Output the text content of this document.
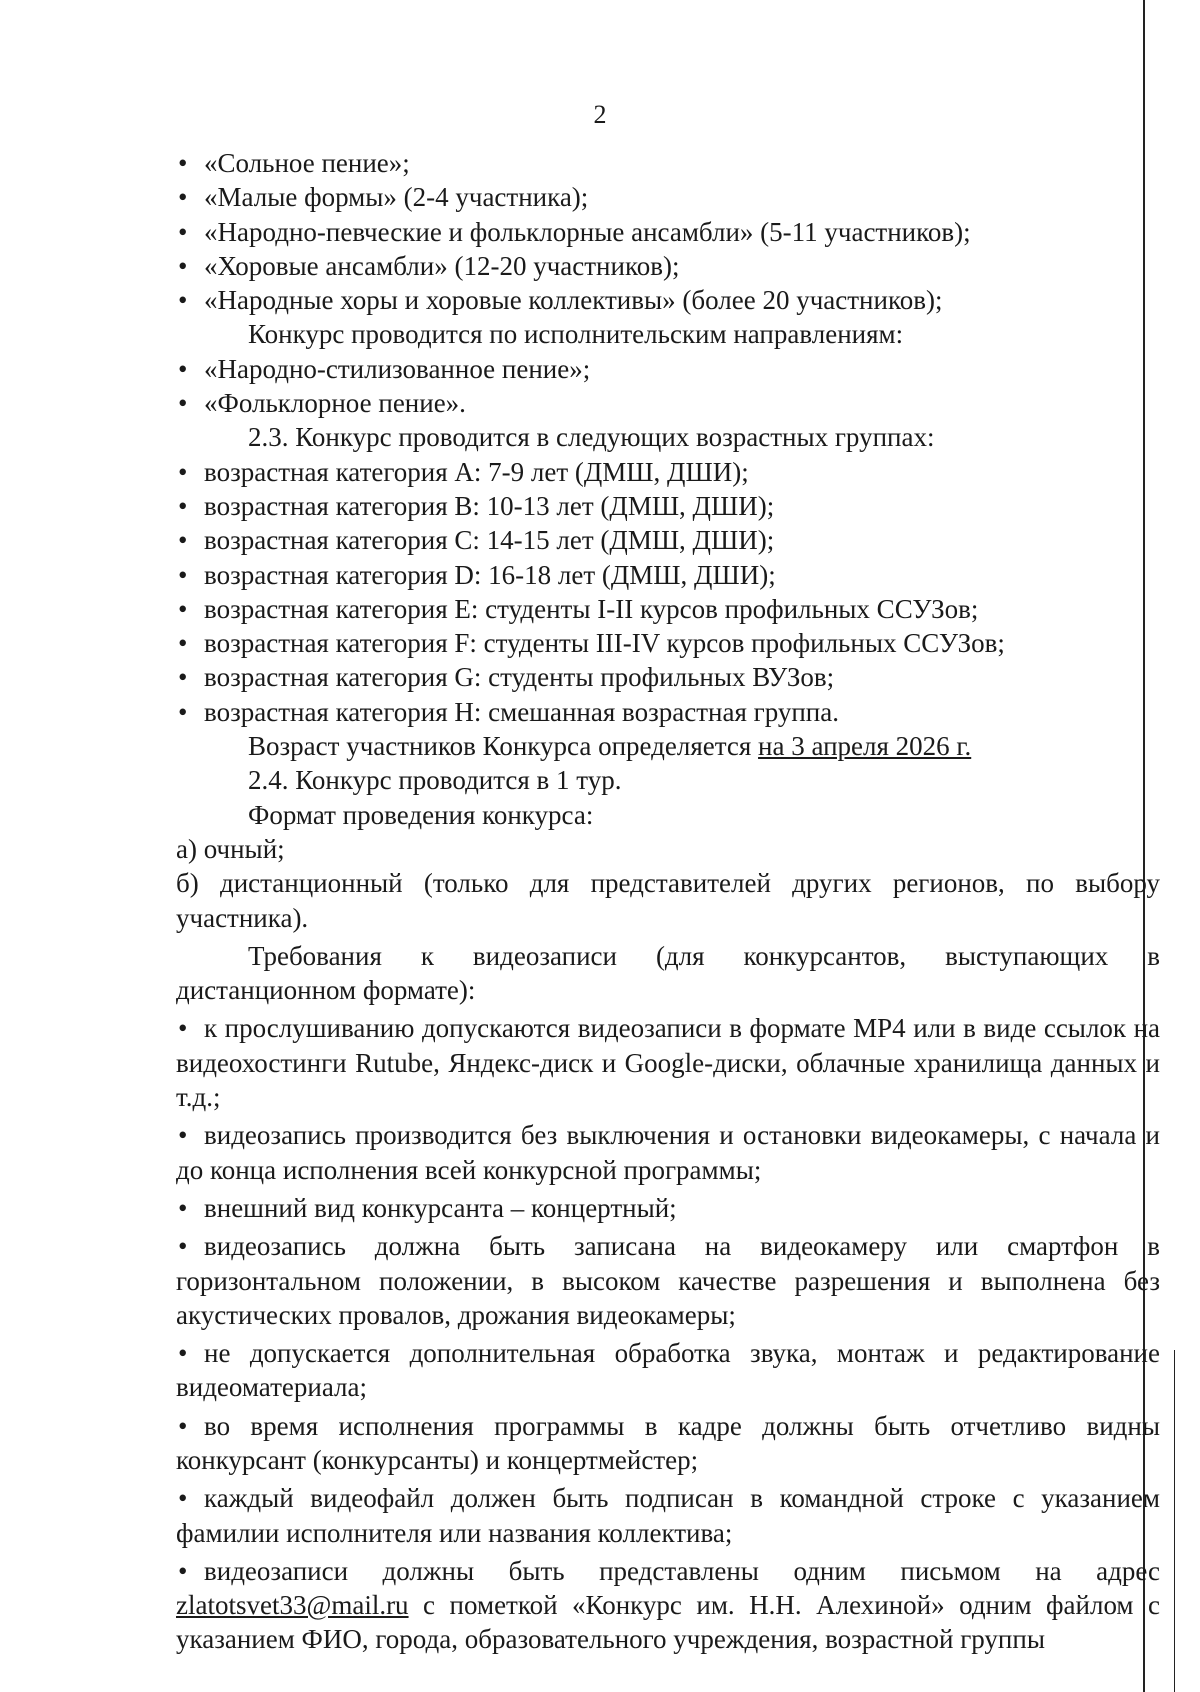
2
• «Сольное пение»;
• «Малые формы» (2-4 участника);
• «Народно-певческие и фольклорные ансамбли» (5-11 участников);
• «Хоровые ансамбли» (12-20 участников);
• «Народные хоры и хоровые коллективы» (более 20 участников);
Конкурс проводится по исполнительским направлениям:
• «Народно-стилизованное пение»;
• «Фольклорное пение».
2.3. Конкурс проводится в следующих возрастных группах:
• возрастная категория А: 7-9 лет (ДМШ, ДШИ);
• возрастная категория В: 10-13 лет (ДМШ, ДШИ);
• возрастная категория С: 14-15 лет (ДМШ, ДШИ);
• возрастная категория D: 16-18 лет (ДМШ, ДШИ);
• возрастная категория Е: студенты I-II курсов профильных ССУЗов;
• возрастная категория F: студенты III-IV курсов профильных ССУЗов;
• возрастная категория G: студенты профильных ВУЗов;
• возрастная категория Н: смешанная возрастная группа.
Возраст участников Конкурса определяется на 3 апреля 2026 г.
2.4. Конкурс проводится в 1 тур.
Формат проведения конкурса:
а) очный;
б) дистанционный (только для представителей других регионов, по выбору
участника).
Требования к видеозаписи (для конкурсантов, выступающих в
дистанционном формате):
• к прослушиванию допускаются видеозаписи в формате МР4 или в виде ссылок на видеохостинги Rutube, Яндекс-диск и Google-диски, облачные хранилища данных и т.д.;
• видеозапись производится без выключения и остановки видеокамеры, с начала и до конца исполнения всей конкурсной программы;
• внешний вид конкурсанта – концертный;
• видеозапись должна быть записана на видеокамеру или смартфон в горизонтальном положении, в высоком качестве разрешения и выполнена без акустических провалов, дрожания видеокамеры;
• не допускается дополнительная обработка звука, монтаж и редактирование видеоматериала;
• во время исполнения программы в кадре должны быть отчетливо видны конкурсант (конкурсанты) и концертмейстер;
• каждый видеофайл должен быть подписан в командной строке с указанием фамилии исполнителя или названия коллектива;
• видеозаписи должны быть представлены одним письмом на адрес zlatotsvet33@mail.ru с пометкой «Конкурс им. Н.Н. Алехиной» одним файлом с указанием ФИО, города, образовательного учреждения, возрастной группы
